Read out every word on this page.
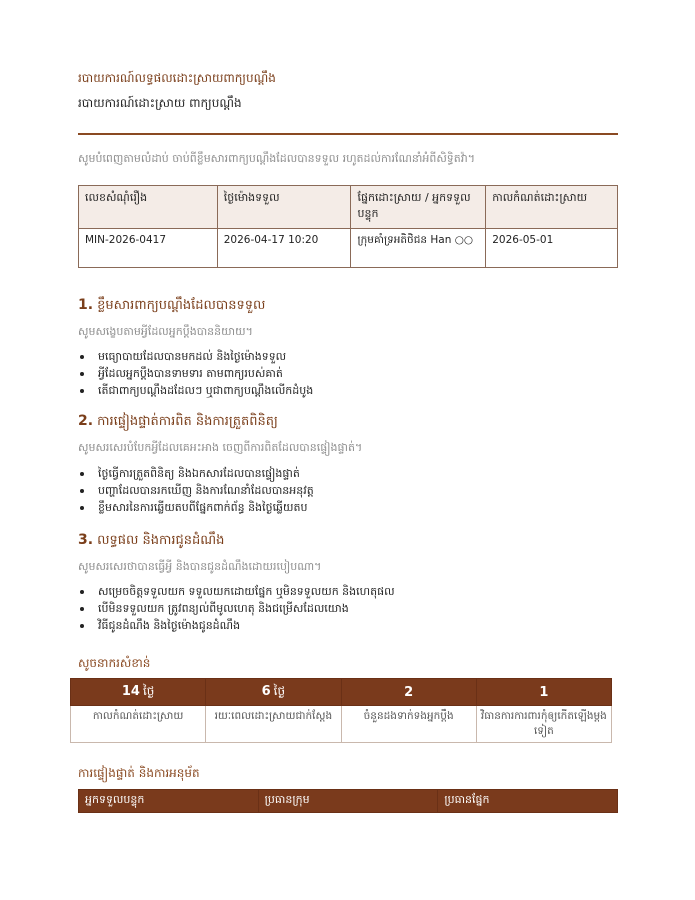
របាយការណ៍លទ្ធផលដោះស្រាយពាក្យបណ្ដឹង
របាយការណ៍ដោះស្រាយ ពាក្យបណ្ដឹង
សូមបំពេញតាមលំដាប់ ចាប់ពីខ្លឹមសារពាក្យបណ្ដឹងដែលបានទទួល រហូតដល់ការណែនាំអំពីសិទ្ធិតវ៉ា។
លេខសំណុំរឿង	ថ្ងៃម៉ោងទទួល	ផ្នែកដោះស្រាយ / អ្នកទទួលបន្ទុក	កាលកំណត់ដោះស្រាយ
MIN-2026-0417	2026-04-17 10:20	ក្រុមគាំទ្រអតិថិជន Han ○○	2026-05-01
1. ខ្លឹមសារពាក្យបណ្ដឹងដែលបានទទួល
សូមសង្ខេបតាមអ្វីដែលអ្នកប្ដឹងបាននិយាយ។
មធ្យោបាយដែលបានមកដល់ និងថ្ងៃម៉ោងទទួល
អ្វីដែលអ្នកប្ដឹងបានទាមទារ តាមពាក្យរបស់គាត់
តើជាពាក្យបណ្ដឹងដដែលៗ ឬជាពាក្យបណ្ដឹងលើកដំបូង
2. ការផ្ទៀងផ្ទាត់ការពិត និងការត្រួតពិនិត្យ
សូមសរសេរបំបែកអ្វីដែលគេអះអាង ចេញពីការពិតដែលបានផ្ទៀងផ្ទាត់។
ថ្ងៃធ្វើការត្រួតពិនិត្យ និងឯកសារដែលបានផ្ទៀងផ្ទាត់
បញ្ហាដែលបានរកឃើញ និងការណែនាំដែលបានអនុវត្ត
ខ្លឹមសារនៃការឆ្លើយតបពីផ្នែកពាក់ព័ន្ធ និងថ្ងៃឆ្លើយតប
3. លទ្ធផល និងការជូនដំណឹង
សូមសរសេរថាបានធ្វើអ្វី និងបានជូនដំណឹងដោយរបៀបណា។
សម្រេចចិត្តទទួលយក ទទួលយកដោយផ្នែក ឬមិនទទួលយក និងហេតុផល
បើមិនទទួលយក ត្រូវពន្យល់ពីមូលហេតុ និងជម្រើសដែលយោង
វិធីជូនដំណឹង និងថ្ងៃម៉ោងជូនដំណឹង
សូចនាករសំខាន់
14 ថ្ងៃ	6 ថ្ងៃ	2	1
កាលកំណត់ដោះស្រាយ	រយៈពេលដោះស្រាយជាក់ស្ដែង	ចំនួនដងទាក់ទងអ្នកប្ដឹង	វិធានការការពារកុំឲ្យកើតឡើងម្ដងទៀត
ការផ្ទៀងផ្ទាត់ និងការអនុម័ត
អ្នកទទួលបន្ទុក	ប្រធានក្រុម	ប្រធានផ្នែក
